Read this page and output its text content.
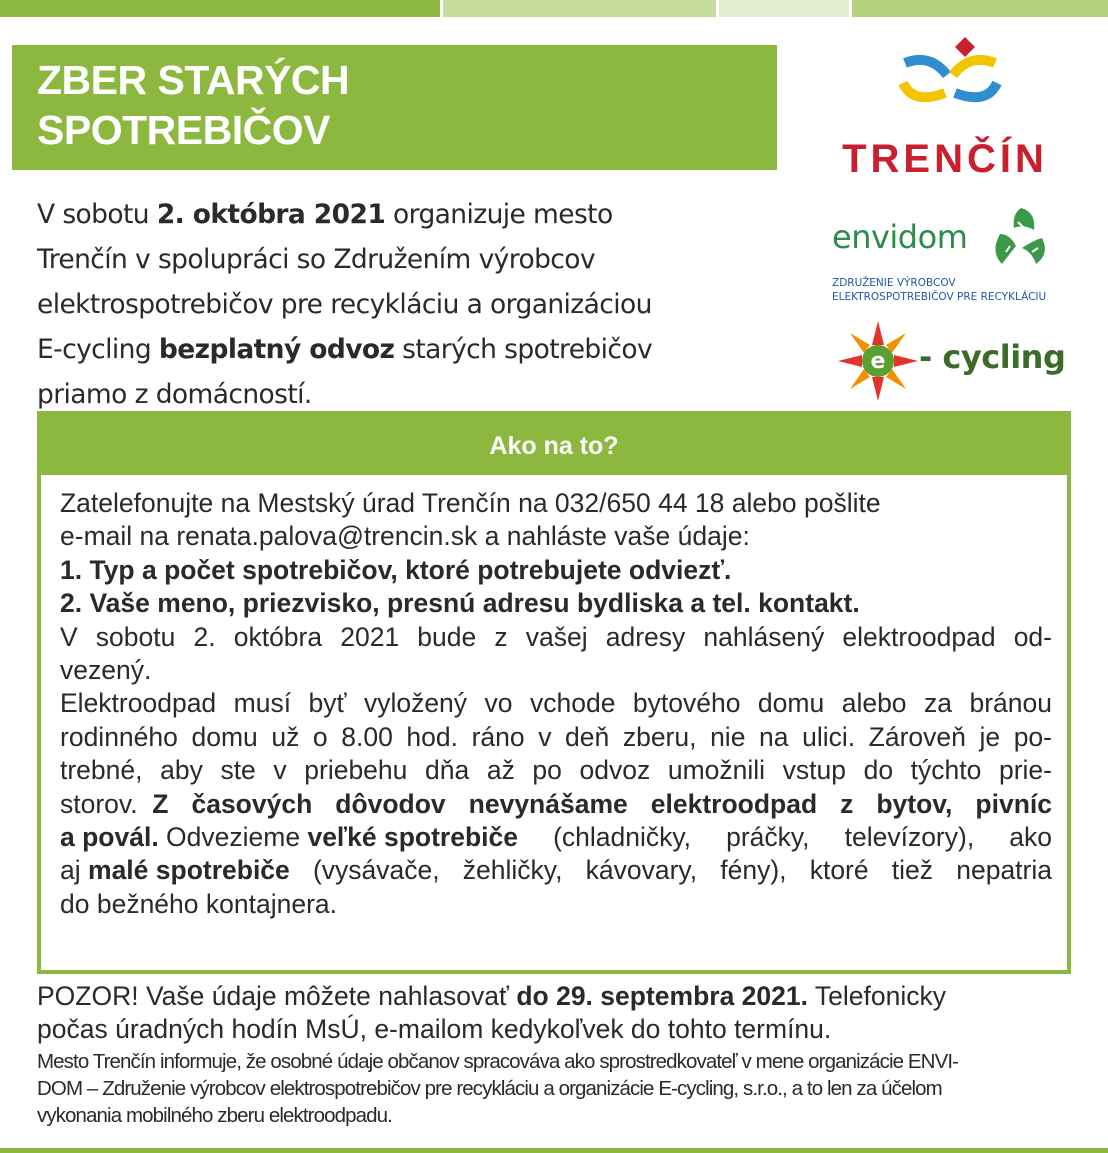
ZBER STARÝCH
SPOTREBIČOV
V sobotu 2. októbra 2021 organizuje mesto
Trenčín v spolupráci so Združením výrobcov
elektrospotrebičov pre recykláciu a organizáciou
E-cycling bezplatný odvoz starých spotrebičov
priamo z domácností.
TRENČÍN
envidom
ZDRUŽENIE VÝROBCOV
ELEKTROSPOTREBIČOV PRE RECYKLÁCIU
e - cycling
Ako na to?
Zatelefonujte na Mestský úrad Trenčín na 032/650 44 18 alebo pošlite
e-mail na renata.palova@trencin.sk a nahláste vaše údaje:
1. Typ a počet spotrebičov, ktoré potrebujete odviezť.
2. Vaše meno, priezvisko, presnú adresu bydliska a tel. kontakt.
V sobotu 2. októbra 2021 bude z vašej adresy nahlásený elektroodpad od-
vezený.
Elektroodpad musí byť vyložený vo vchode bytového domu alebo za bránou
rodinného domu už o 8.00 hod. ráno v deň zberu, nie na ulici. Zároveň je po-
trebné, aby ste v priebehu dňa až po odvoz umožnili vstup do týchto prie-
storov. Z časových dôvodov nevynášame elektroodpad z bytov, pivníc
a povál. Odvezieme veľké spotrebiče (chladničky, práčky, televízory), ako
aj malé spotrebiče (vysávače, žehličky, kávovary, fény), ktoré tiež nepatria
do bežného kontajnera.
POZOR! Vaše údaje môžete nahlasovať do 29. septembra 2021. Telefonicky
počas úradných hodín MsÚ, e-mailom kedykoľvek do tohto termínu.
Mesto Trenčín informuje, že osobné údaje občanov spracováva ako sprostredkovateľ v mene organizácie ENVI-
DOM – Združenie výrobcov elektrospotrebičov pre recykláciu a organizácie E-cycling, s.r.o., a to len za účelom
vykonania mobilného zberu elektroodpadu.
